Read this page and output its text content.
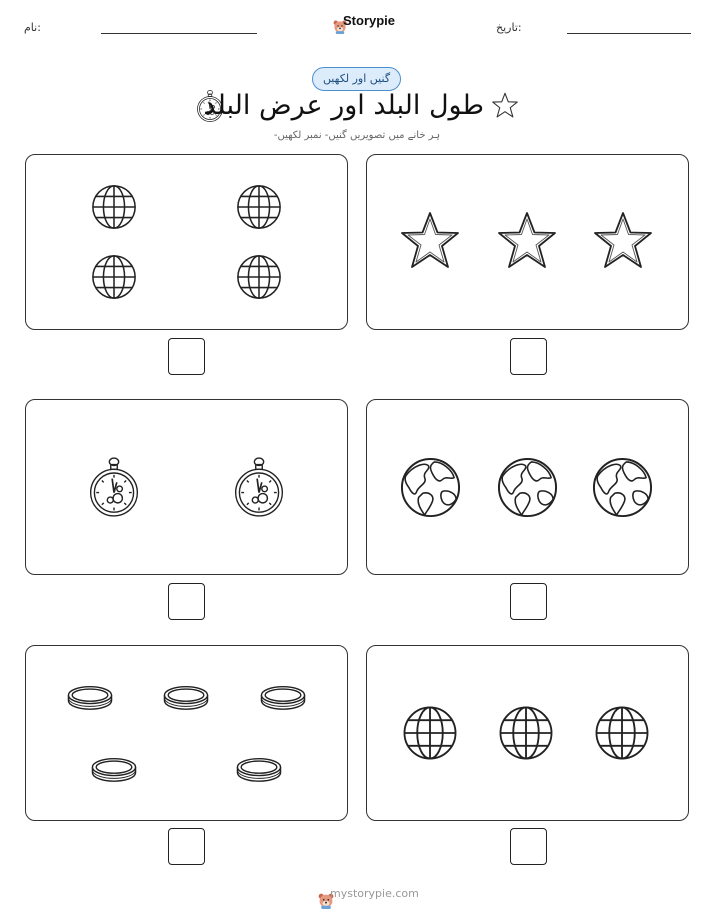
نام:	Storypie	تاریخ:
گنیں اور لکھیں
طول البلد اور عرض البلد
ہر خانے میں تصویریں گنیں- نمبر لکھیں-
mystorypie.com
